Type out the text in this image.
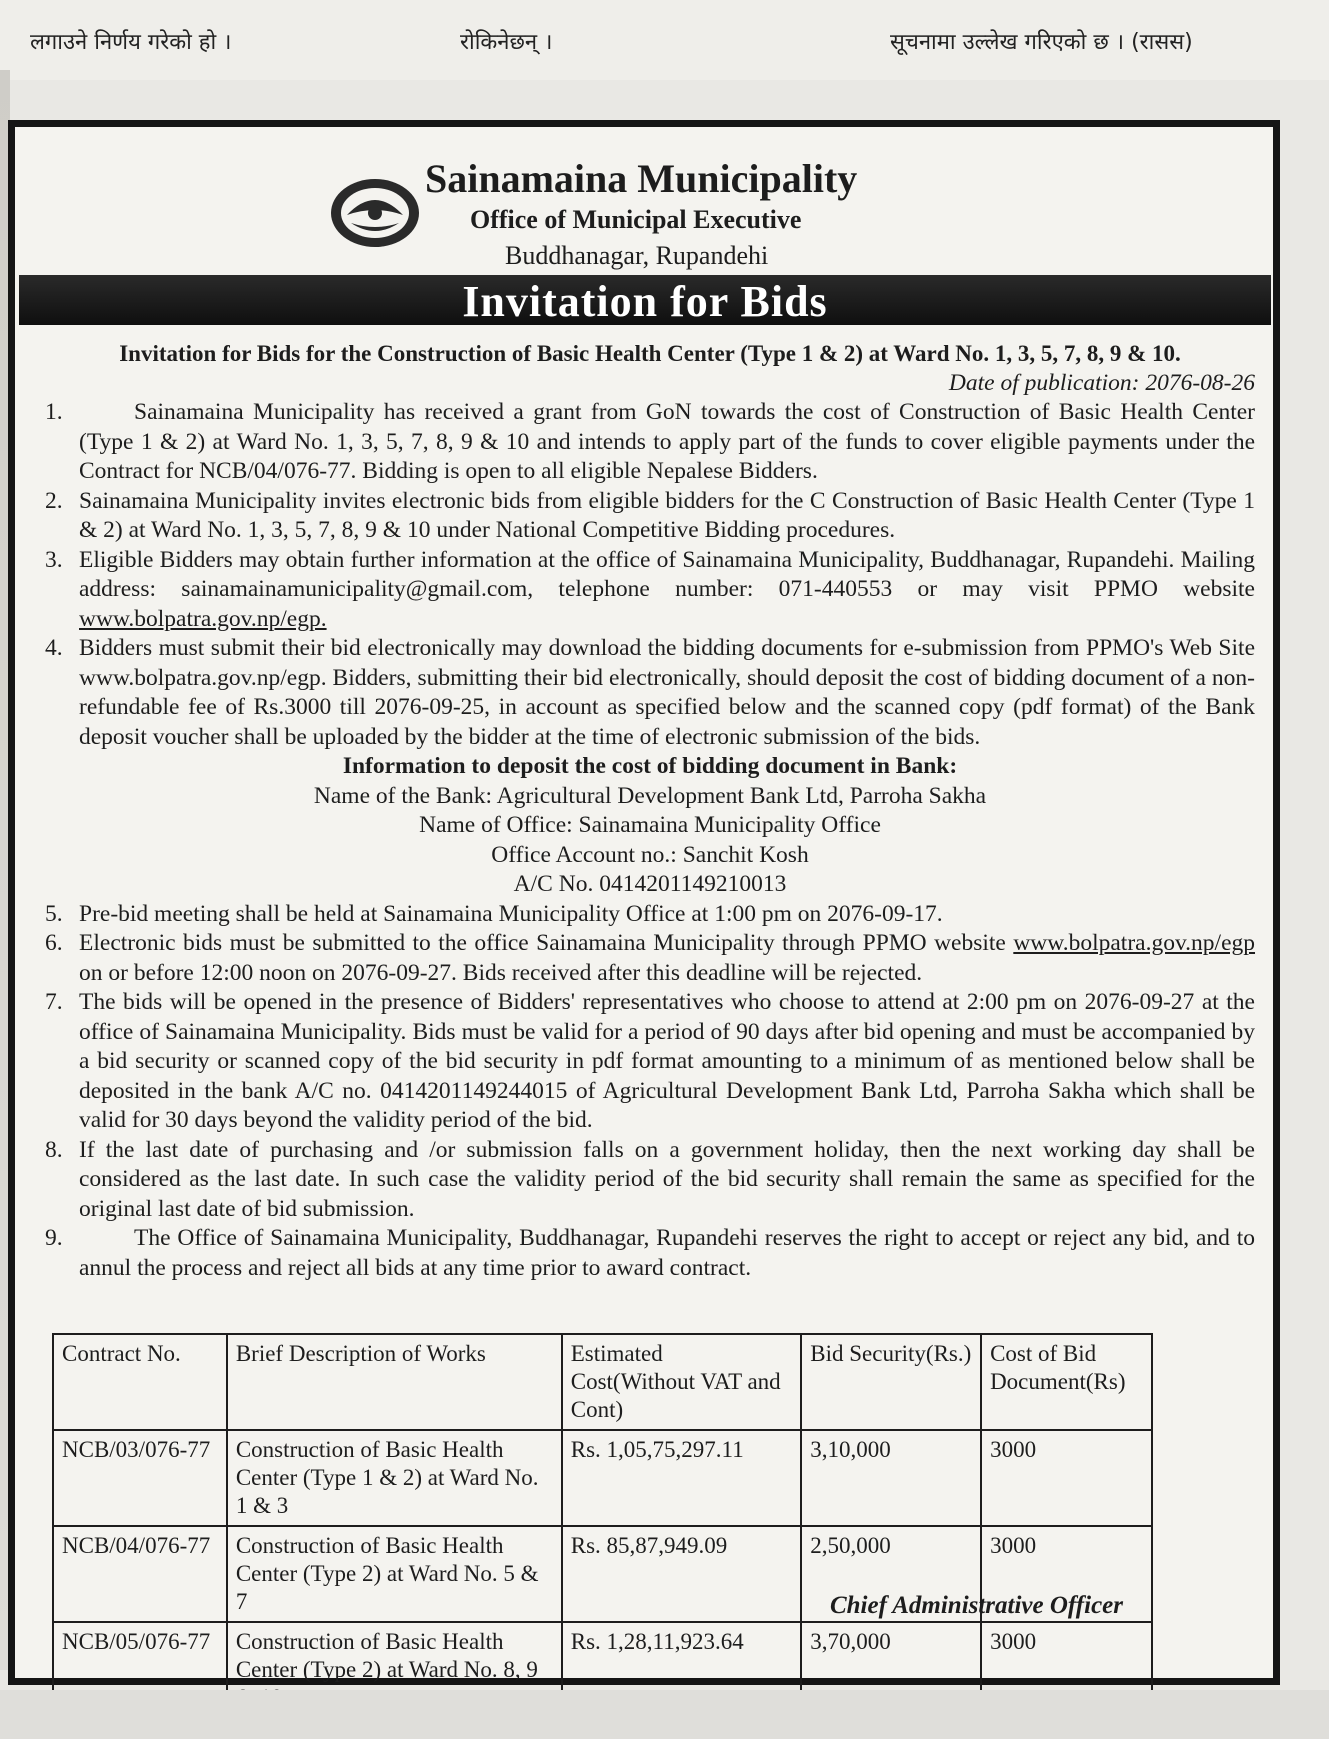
लगाउने निर्णय गरेको हो ।	रोकिनेछन् ।	सूचनामा उल्लेख गरिएको छ । (रासस)
Sainamaina Municipality
Office of Municipal Executive
Buddhanagar, Rupandehi
Invitation for Bids
Invitation for Bids for the Construction of Basic Health Center (Type 1 & 2) at Ward No. 1, 3, 5, 7, 8, 9 & 10.
Date of publication: 2076-08-26
1.	Sainamaina Municipality has received a grant from GoN towards the cost of Construction of Basic Health Center (Type 1 & 2) at Ward No. 1, 3, 5, 7, 8, 9 & 10 and intends to apply part of the funds to cover eligible payments under the Contract for NCB/04/076-77. Bidding is open to all eligible Nepalese Bidders.
2. Sainamaina Municipality invites electronic bids from eligible bidders for the C Construction of Basic Health Center (Type 1 & 2) at Ward No. 1, 3, 5, 7, 8, 9 & 10 under National Competitive Bidding procedures.
3. Eligible Bidders may obtain further information at the office of Sainamaina Municipality, Buddhanagar, Rupandehi. Mailing address: sainamainamunicipality@gmail.com, telephone number: 071-440553 or may visit PPMO website www.bolpatra.gov.np/egp.
4. Bidders must submit their bid electronically may download the bidding documents for e-submission from PPMO's Web Site www.bolpatra.gov.np/egp. Bidders, submitting their bid electronically, should deposit the cost of bidding document of a non-refundable fee of Rs.3000 till 2076-09-25, in account as specified below and the scanned copy (pdf format) of the Bank deposit voucher shall be uploaded by the bidder at the time of electronic submission of the bids.
Information to deposit the cost of bidding document in Bank:
Name of the Bank: Agricultural Development Bank Ltd, Parroha Sakha
Name of Office: Sainamaina Municipality Office
Office Account no.: Sanchit Kosh
A/C No. 0414201149210013
5. Pre-bid meeting shall be held at Sainamaina Municipality Office at 1:00 pm on 2076-09-17.
6. Electronic bids must be submitted to the office Sainamaina Municipality through PPMO website www.bolpatra.gov.np/egp on or before 12:00 noon on 2076-09-27. Bids received after this deadline will be rejected.
7. The bids will be opened in the presence of Bidders' representatives who choose to attend at 2:00 pm on 2076-09-27 at the office of Sainamaina Municipality. Bids must be valid for a period of 90 days after bid opening and must be accompanied by a bid security or scanned copy of the bid security in pdf format amounting to a minimum of as mentioned below shall be deposited in the bank A/C no. 0414201149244015 of Agricultural Development Bank Ltd, Parroha Sakha which shall be valid for 30 days beyond the validity period of the bid.
8. If the last date of purchasing and /or submission falls on a government holiday, then the next working day shall be considered as the last date. In such case the validity period of the bid security shall remain the same as specified for the original last date of bid submission.
9.	The Office of Sainamaina Municipality, Buddhanagar, Rupandehi reserves the right to accept or reject any bid, and to annul the process and reject all bids at any time prior to award contract.
Contract No.	Brief Description of Works	Estimated Cost(Without VAT and Cont)	Bid Security(Rs.)	Cost of Bid Document(Rs)
NCB/03/076-77	Construction of Basic Health Center (Type 1 & 2) at Ward No. 1 & 3	Rs. 1,05,75,297.11	3,10,000	3000
NCB/04/076-77	Construction of Basic Health Center (Type 2) at Ward No. 5 & 7	Rs. 85,87,949.09	2,50,000	3000
NCB/05/076-77	Construction of Basic Health Center (Type 2) at Ward No. 8, 9	Rs. 1,28,11,923.64	3,70,000	3000
Chief Administrative Officer
